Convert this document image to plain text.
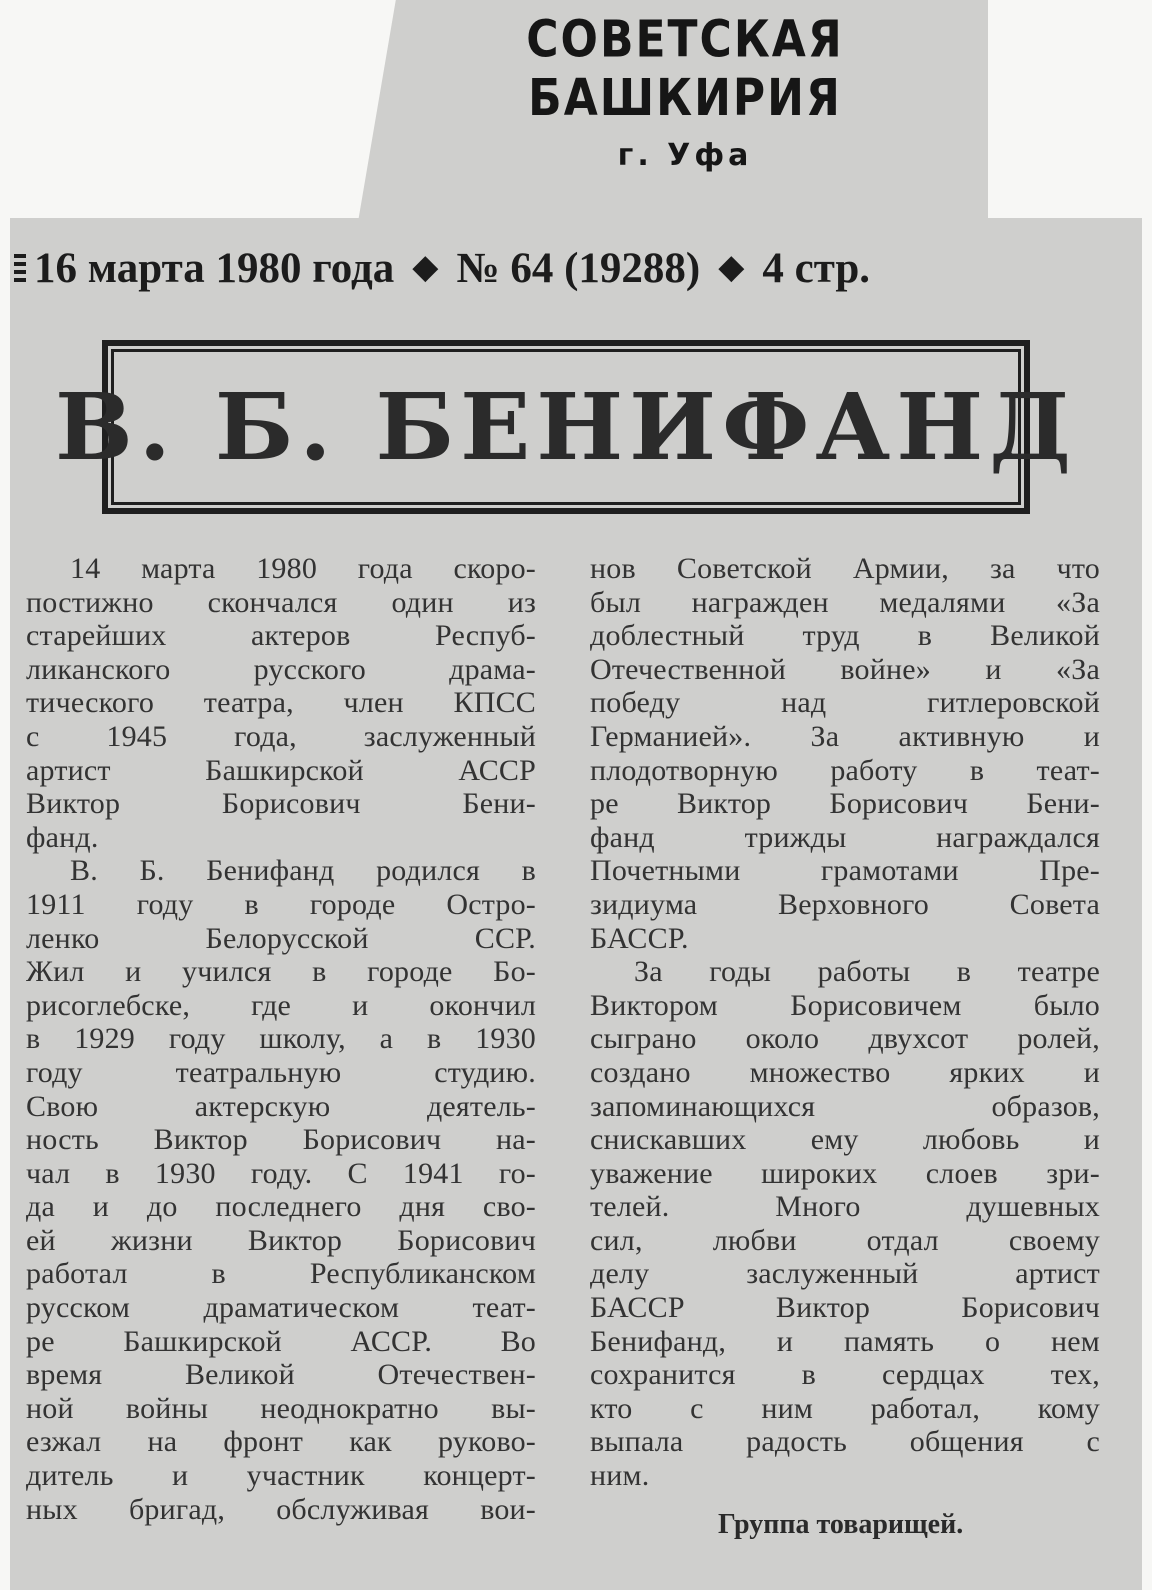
СОВЕТСКАЯ БАШКИРИЯ
г. Уфа
16 марта 1980 года ◆ № 64 (19288) ◆ 4 стр.
В. Б. БЕНИФАНД
14 марта 1980 года скоро-
постижно скончался один из
старейших актеров Респуб-
ликанского русского драма-
тического театра, член КПСС
с 1945 года, заслуженный
артист Башкирской АССР
Виктор Борисович Бени-
фанд.
В. Б. Бенифанд родился в
1911 году в городе Остро-
ленко Белорусской ССР.
Жил и учился в городе Бо-
рисоглебске, где и окончил
в 1929 году школу, а в 1930
году театральную студию.
Свою актерскую деятель-
ность Виктор Борисович на-
чал в 1930 году. С 1941 го-
да и до последнего дня сво-
ей жизни Виктор Борисович
работал в Республиканском
русском драматическом теат-
ре Башкирской АССР. Во
время Великой Отечествен-
ной войны неоднократно вы-
езжал на фронт как руково-
дитель и участник концерт-
ных бригад, обслуживая вои-
нов Советской Армии, за что
был награжден медалями «За
доблестный труд в Великой
Отечественной войне» и «За
победу над гитлеровской
Германией». За активную и
плодотворную работу в теат-
ре Виктор Борисович Бени-
фанд трижды награждался
Почетными грамотами Пре-
зидиума Верховного Совета
БАССР.
За годы работы в театре
Виктором Борисовичем было
сыграно около двухсот ролей,
создано множество ярких и
запоминающихся образов,
снискавших ему любовь и
уважение широких слоев зри-
телей. Много душевных
сил, любви отдал своему
делу заслуженный артист
БАССР Виктор Борисович
Бенифанд, и память о нем
сохранится в сердцах тех,
кто с ним работал, кому
выпала радость общения с
ним.
Группа товарищей.
